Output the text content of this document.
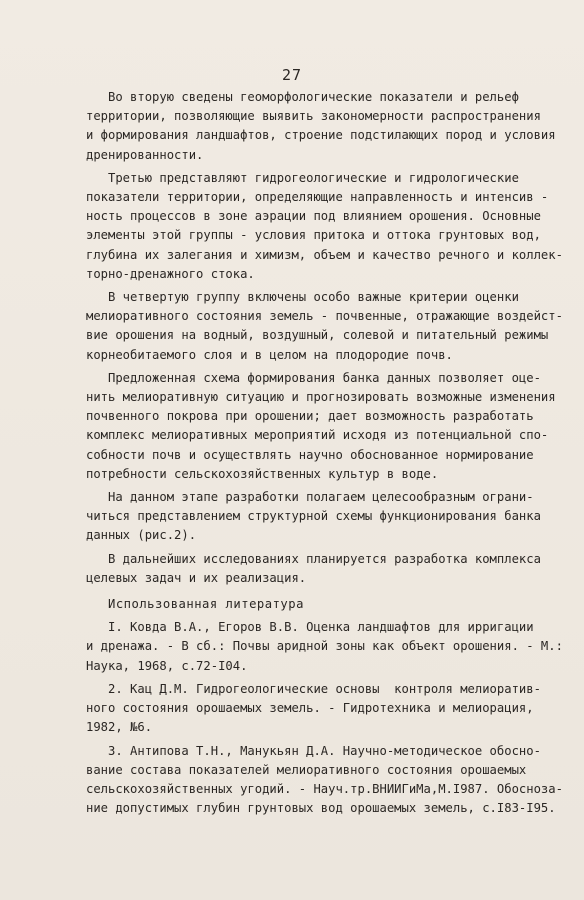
27
Во вторую сведены геоморфологические показатели и рельеф
территории, позволяющие выявить закономерности распространения
и формирования ландшафтов, строение подстилающих пород и условия
дренированности.
Третью представляют гидрогеологические и гидрологические
показатели территории, определяющие направленность и интенсив -
ность процессов в зоне аэрации под влиянием орошения. Основные
элементы этой группы - условия притока и оттока грунтовых вод,
глубина их залегания и химизм, объем и качество речного и коллек-
торно-дренажного стока.
В четвертую группу включены особо важные критерии оценки
мелиоративного состояния земель - почвенные, отражающие воздейст-
вие орошения на водный, воздушный, солевой и питательный режимы
корнеобитаемого слоя и в целом на плодородие почв.
Предложенная схема формирования банка данных позволяет оце-
нить мелиоративную ситуацию и прогнозировать возможные изменения
почвенного покрова при орошении; дает возможность разработать
комплекс мелиоративных мероприятий исходя из потенциальной спо-
собности почв и осуществлять научно обоснованное нормирование
потребности сельскохозяйственных культур в воде.
На данном этапе разработки полагаем целесообразным ограни-
читься представлением структурной схемы функционирования банка
данных (рис.2).
В дальнейших исследованиях планируется разработка комплекса
целевых задач и их реализация.
Использованная литература
I. Ковда В.А., Егоров В.В. Оценка ландшафтов для ирригации
и дренажа. - В сб.: Почвы аридной зоны как объект орошения. - М.:
Наука, 1968, с.72-I04.
2. Кац Д.М. Гидрогеологические основы  контроля мелиоратив-
ного состояния орошаемых земель. - Гидротехника и мелиорация,
1982, №6.
3. Антипова Т.Н., Манукьян Д.А. Научно-методическое обосно-
вание состава показателей мелиоративного состояния орошаемых
сельскохозяйственных угодий. - Науч.тр.ВНИИГиМа,М.I987. Обосноза-
ние допустимых глубин грунтовых вод орошаемых земель, с.I83-I95.
